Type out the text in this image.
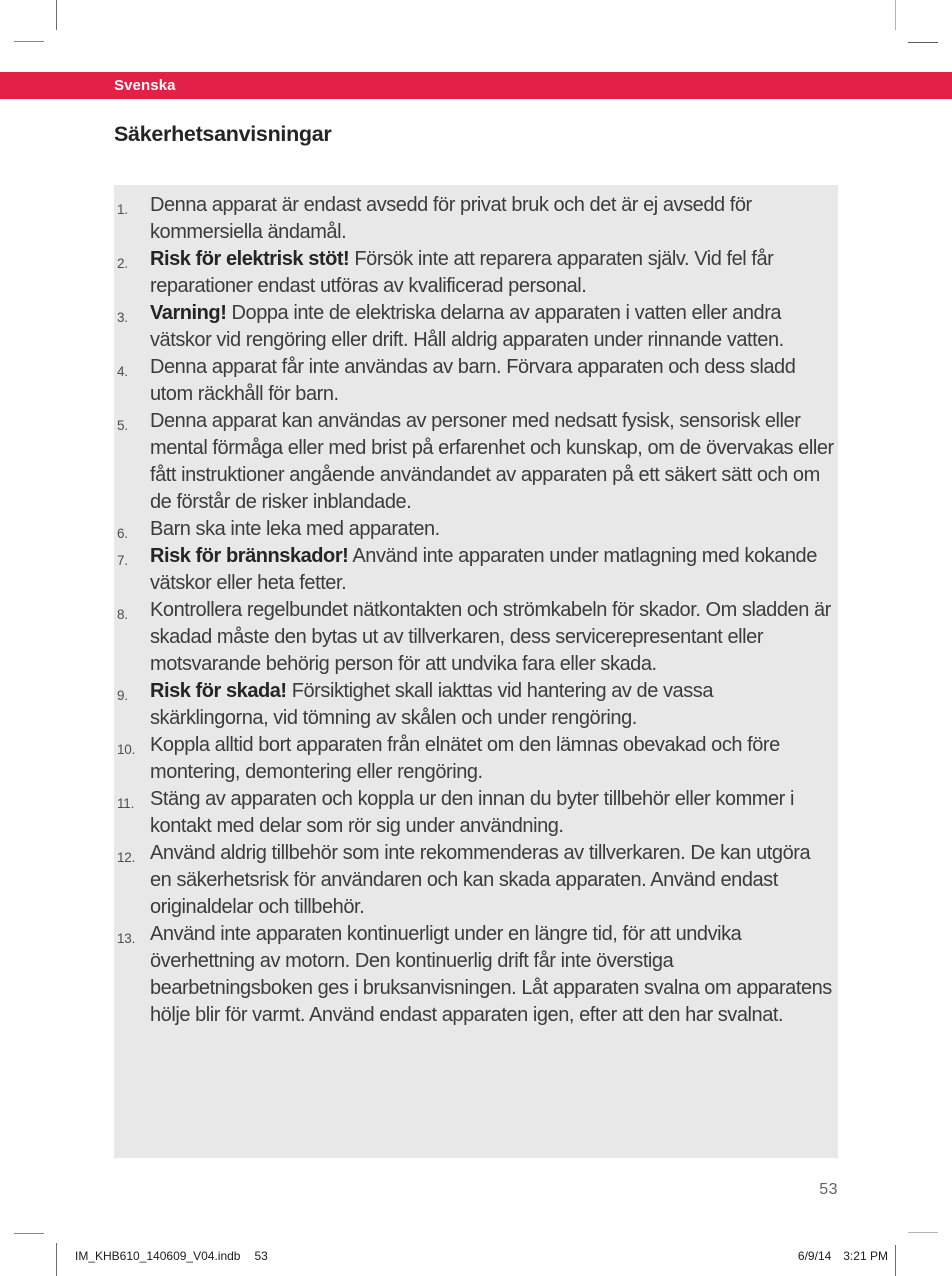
Svenska
Säkerhetsanvisningar
1.	Denna apparat är endast avsedd för privat bruk och det är ej avsedd för kommersiella ändamål.
2.	Risk för elektrisk stöt! Försök inte att reparera apparaten själv. Vid fel får reparationer endast utföras av kvalificerad personal.
3.	Varning! Doppa inte de elektriska delarna av apparaten i vatten eller andra vätskor vid rengöring eller drift. Håll aldrig apparaten under rinnande vatten.
4.	Denna apparat får inte användas av barn. Förvara apparaten och dess sladd utom räckhåll för barn.
5.	Denna apparat kan användas av personer med nedsatt fysisk, sensorisk eller mental förmåga eller med brist på erfarenhet och kunskap, om de övervakas eller fått instruktioner angående användandet av apparaten på ett säkert sätt och om de förstår de risker inblandade.
6.	Barn ska inte leka med apparaten.
7.	Risk för brännskador! Använd inte apparaten under matlagning med kokande vätskor eller heta fetter.
8.	Kontrollera regelbundet nätkontakten och strömkabeln för skador. Om sladden är skadad måste den bytas ut av tillverkaren, dess servicerepresentant eller motsvarande behörig person för att undvika fara eller skada.
9.	Risk för skada! Försiktighet skall iakttas vid hantering av de vassa skärklingorna, vid tömning av skålen och under rengöring.
10. Koppla alltid bort apparaten från elnätet om den lämnas obevakad och före montering, demontering eller rengöring.
11. Stäng av apparaten och koppla ur den innan du byter tillbehör eller kommer i kontakt med delar som rör sig under användning.
12. Använd aldrig tillbehör som inte rekommenderas av tillverkaren. De kan utgöra en säkerhetsrisk för användaren och kan skada apparaten. Använd endast originaldelar och tillbehör.
13. Använd inte apparaten kontinuerligt under en längre tid, för att undvika överhettning av motorn. Den kontinuerlig drift får inte överstiga bearbetningsboken ges i bruksanvisningen. Låt apparaten svalna om apparatens hölje blir för varmt. Använd endast apparaten igen, efter att den har svalnat.
53
IM_KHB610_140609_V04.indb 53	6/9/14 3:21 PM
